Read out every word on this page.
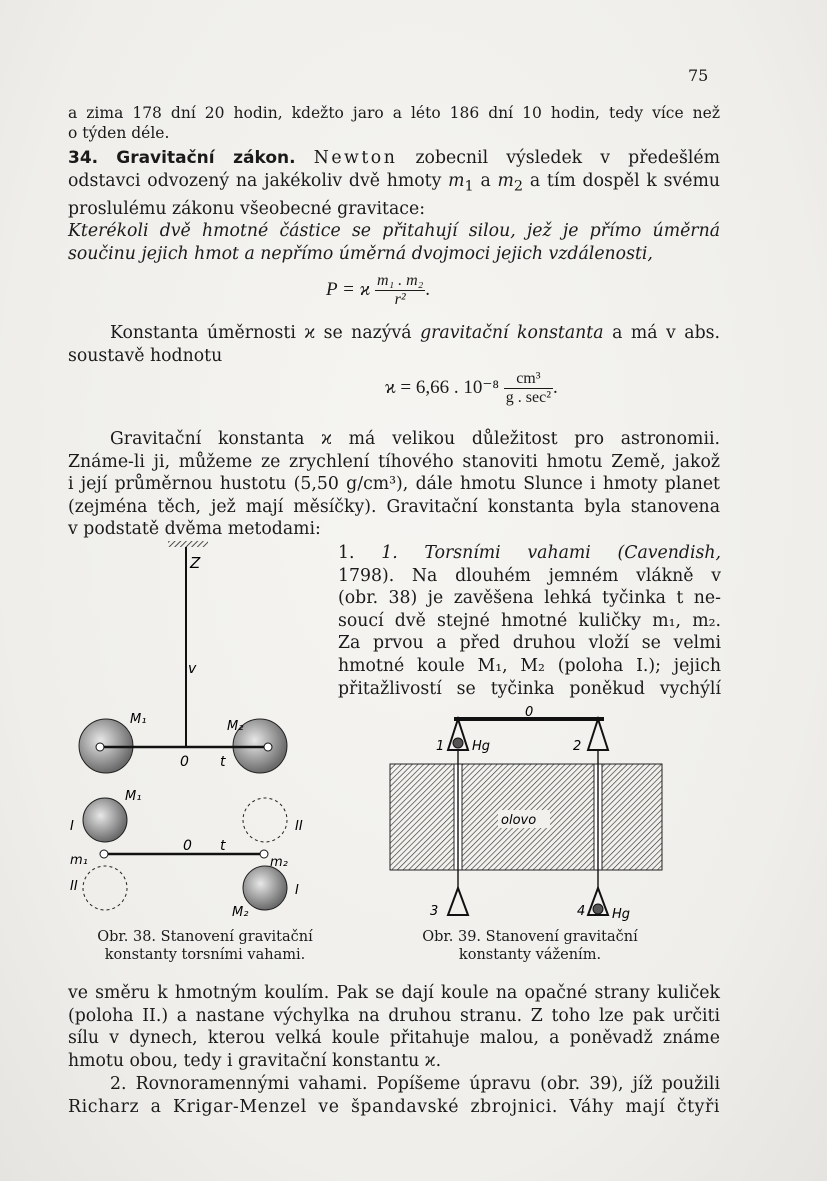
75
a zima 178 dní 20 hodin, kdežto jaro a léto 186 dní 10 hodin, tedy více než
o týden déle.
34. Gravitační zákon. Newton zobecnil výsledek v předešlém
odstavci odvozený na jakékoliv dvě hmoty $m_1$ a $m_2$ a tím dospěl k svému
proslulému zákonu všeobecné gravitace:
Kterékoli dvě hmotné částice se přitahují silou, jež je přímo úměrná
součinu jejich hmot a nepřímo úměrná dvojmoci jejich vzdálenosti,
P = ϰ $\frac{\text{m₁ . m₂}}{\text{r²}}$ .
Konstanta úměrnosti ϰ se nazývá gravitační konstanta a má v abs.
soustavě hodnotu
ϰ = 6,66 . $10^{-8} \frac{\text{cm³}}{\text{g . sec²}}$ .
Gravitační konstanta ϰ má velikou důležitost pro astronomii.
Známe-li ji, můžeme ze zrychlení tíhového stanoviti hmotu Země, jakož
i její průměrnou hustotu (5,50 g/cm³), dále hmotu Slunce i hmoty planet
(zejména těch, jež mají měsíčky). Gravitační konstanta byla stanovena
v podstatě dvěma metodami:
1. 1. Torsními vahami (Cavendish,
1798). Na dlouhém jemném vlákně v
(obr. 38) je zavěšena lehká tyčinka t ne-
soucí dvě stejné hmotné kuličky m₁, m₂.
Za prvou a před druhou vloží se velmi
hmotné koule M₁, M₂ (poloha I.); jejich
přitažlivostí se tyčinka poněkud vychýlí
Z
v
M₁	M₂
0 t
M₁
I	II
0 t
m₁	m₂
II	I
M₂
0
1 Hg	2
olovo
3	4 Hg
Obr. 38. Stanovení gravitační
konstanty torsními vahami.
Obr. 39. Stanovení gravitační
konstanty vážením.
ve směru k hmotným koulím. Pak se dají koule na opačné strany kuliček
(poloha II.) a nastane výchylka na druhou stranu. Z toho lze pak určiti
sílu v dynech, kterou velká koule přitahuje malou, a poněvadž známe
hmotu obou, tedy i gravitační konstantu ϰ.
2. Rovnoramennými vahami. Popíšeme úpravu (obr. 39), jíž použili
Richarz a Krigar-Menzel ve špandavské zbrojnici. Váhy mají čtyři
